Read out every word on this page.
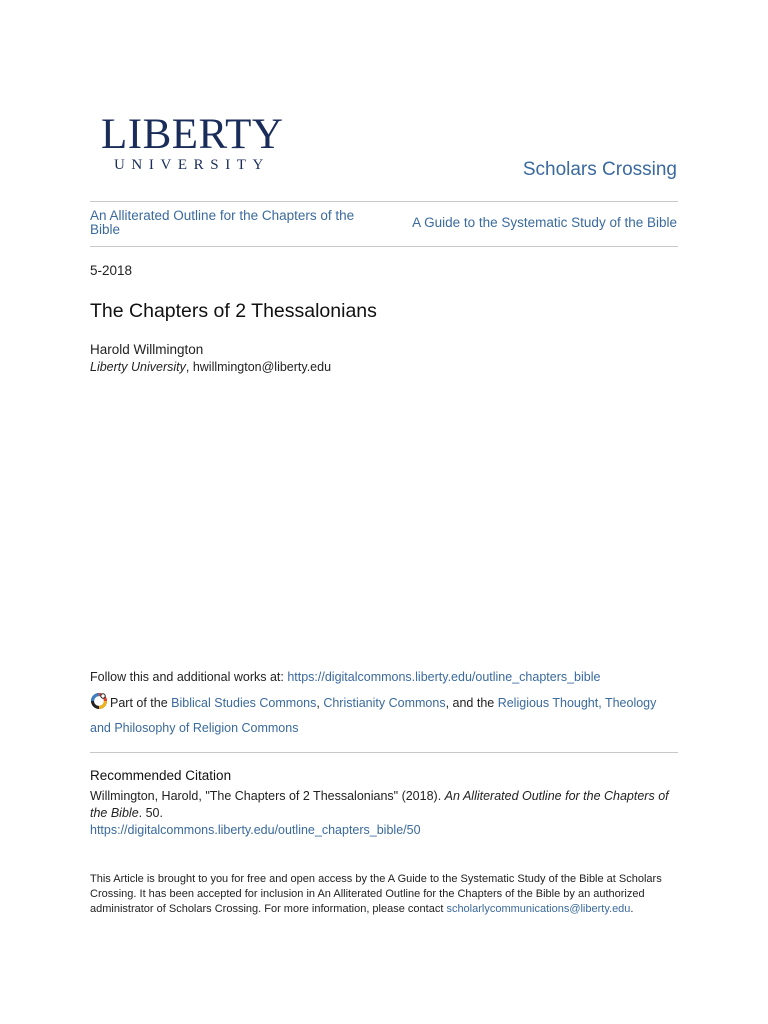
LIBERTY
UNIVERSITY	Scholars Crossing
An Alliterated Outline for the Chapters of the Bible	A Guide to the Systematic Study of the Bible
5-2018
The Chapters of 2 Thessalonians
Harold Willmington
Liberty University, hwillmington@liberty.edu
Follow this and additional works at: https://digitalcommons.liberty.edu/outline_chapters_bible
Part of the Biblical Studies Commons, Christianity Commons, and the Religious Thought, Theology and Philosophy of Religion Commons
Recommended Citation
Willmington, Harold, "The Chapters of 2 Thessalonians" (2018). An Alliterated Outline for the Chapters of the Bible. 50.
https://digitalcommons.liberty.edu/outline_chapters_bible/50
This Article is brought to you for free and open access by the A Guide to the Systematic Study of the Bible at Scholars Crossing. It has been accepted for inclusion in An Alliterated Outline for the Chapters of the Bible by an authorized administrator of Scholars Crossing. For more information, please contact scholarlycommunications@liberty.edu.
